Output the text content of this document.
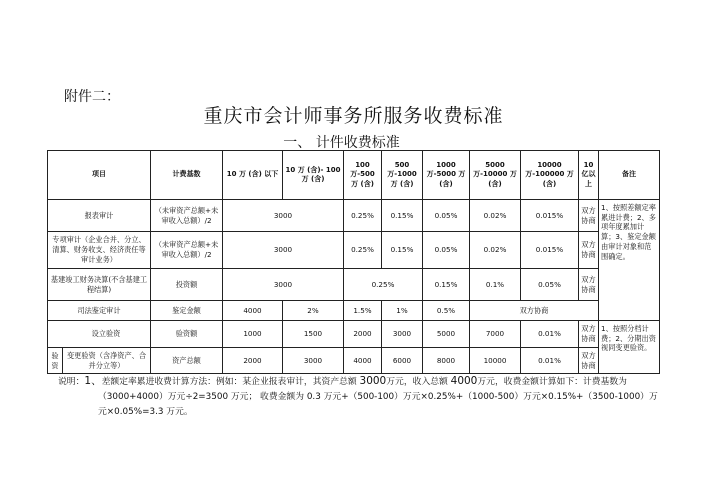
附件二：
重庆市会计师事务所服务收费标准
一、 计件收费标准
项目	计费基数	10 万 (含) 以下	10 万 (含)- 100 万 (含)	100 万-500 万 (含)	500 万-1000 万 (含)	1000 万-5000 万 (含)	5000 万-10000 万 (含)	10000 万-100000 万 (含)	10 亿以上	备注
报表审计	（未审资产总额+未审收入总额）/2	3000		0.25%	0.15%	0.05%	0.02%	0.015%	双方协商	1、按照差额定率累进计费；2、多项年度累加计算；3、鉴定金额由审计对象和范围确定。
专项审计（企业合并、分立、清算、财务收支、经济责任等审计业务）	（未审资产总额+未审收入总额）/2	3000		0.25%	0.15%	0.05%	0.02%	0.015%	双方协商	
基建竣工财务决算(不含基建工程结算)	投资额	3000		0.25%		0.15%	0.1%	0.05%	双方协商	
司法鉴定审计	鉴定金额	4000	2%	1.5%	1%	0.5%	双方协商			

设立验资	验资额	1000	1500	2000	3000	5000	7000	0.01%	双方协商	1、按照分档计费；2、分期出资视同变更验资。

验资
变更验资（含净资产、合并分立等）	资产总额	2000	3000	4000	6000	8000	10000	0.01%	双方协商	
说明：1、差额定率累进收费计算方法：例如：某企业报表审计，其资产总额 3000万元，收入总额 4000万元，收费金额计算如下：计费基数为
（3000+4000）万元÷2=3500 万元； 收费金额为 0.3 万元+（500-100）万元×0.25%+（1000-500）万元×0.15%+（3500-1000）万
元×0.05%=3.3 万元。
